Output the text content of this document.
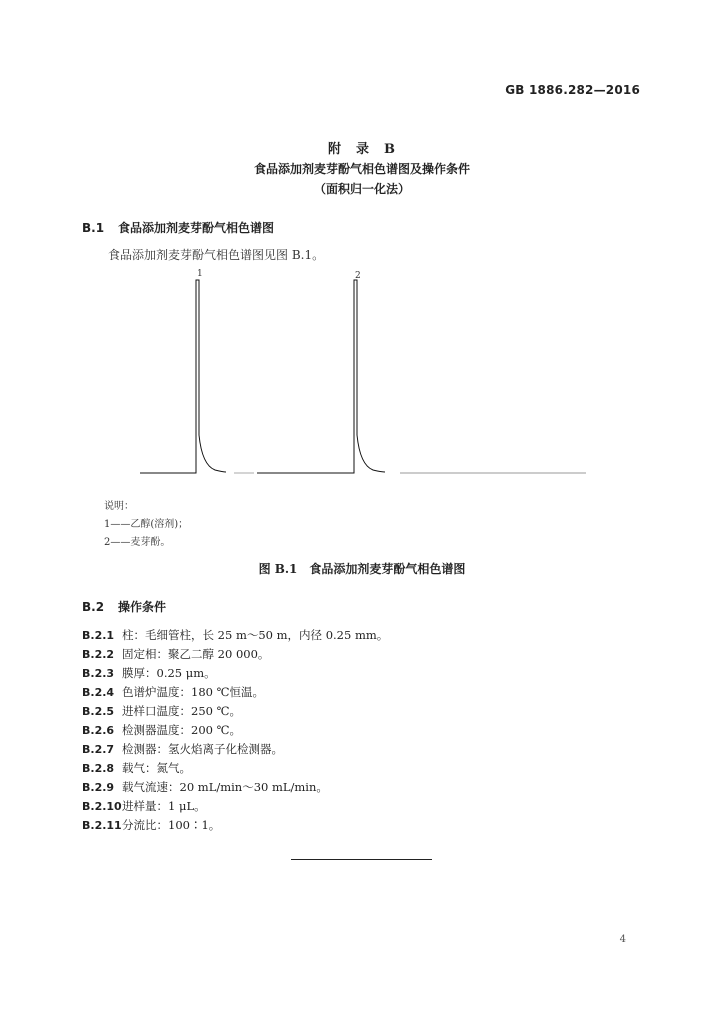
GB 1886.282—2016
附　录　B
食品添加剂麦芽酚气相色谱图及操作条件
（面积归一化法）
B.1 食品添加剂麦芽酚气相色谱图
食品添加剂麦芽酚气相色谱图见图 B.1。
1	2
说明：
1——乙醇(溶剂)；
2——麦芽酚。
图 B.1　食品添加剂麦芽酚气相色谱图
B.2 操作条件
B.2.1 柱：毛细管柱，长 25 m～50 m，内径 0.25 mm。
B.2.2 固定相：聚乙二醇 20 000。
B.2.3 膜厚：0.25 μm。
B.2.4 色谱炉温度：180 ℃恒温。
B.2.5 进样口温度：250 ℃。
B.2.6 检测器温度：200 ℃。
B.2.7 检测器：氢火焰离子化检测器。
B.2.8 载气：氮气。
B.2.9 载气流速：20 mL/min～30 mL/min。
B.2.10进样量：1 μL。
B.2.11分流比：100∶1。
4
